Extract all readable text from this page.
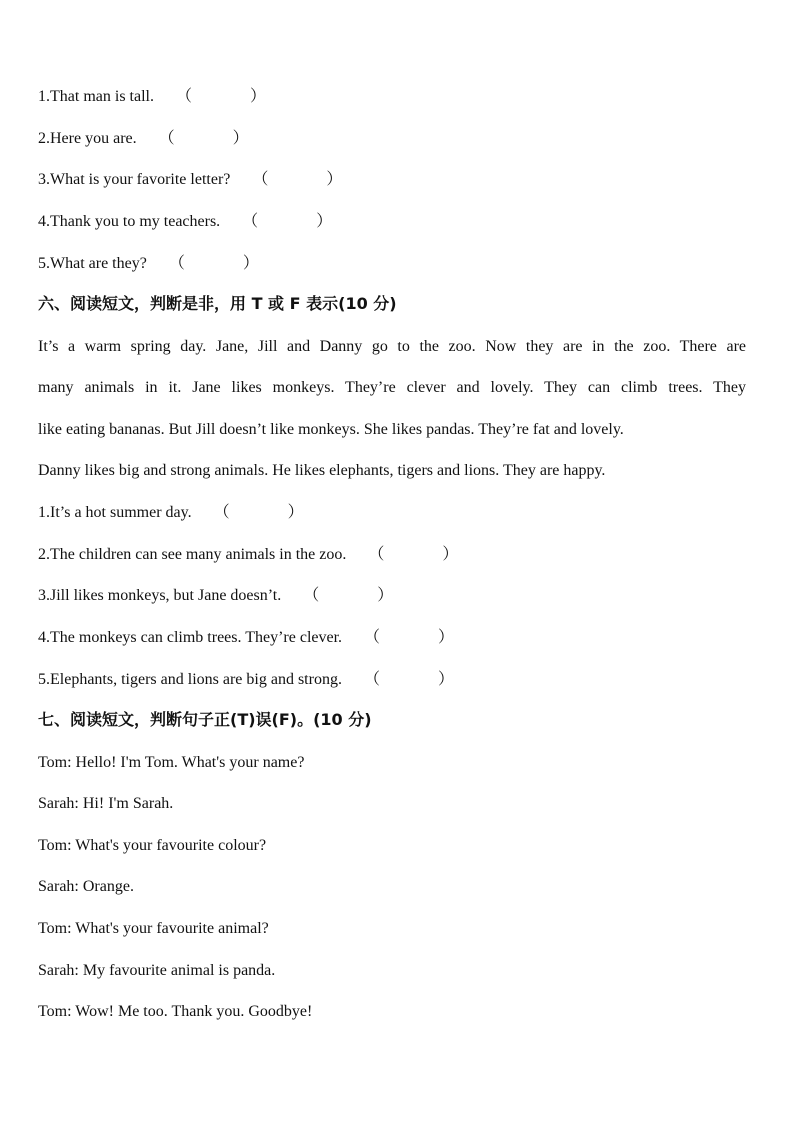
1.That man is tall. （	）
2.Here you are. （	）
3.What is your favorite letter? （	）
4.Thank you to my teachers. （	）
5.What are they? （	）
六、阅读短文，判断是非，用 T 或 F 表示(10 分)
It’s a warm spring day. Jane, Jill and Danny go to the zoo. Now they are in the zoo. There are
many animals in it. Jane likes monkeys. They’re clever and lovely. They can climb trees. They
like eating bananas. But Jill doesn’t like monkeys. She likes pandas. They’re fat and lovely.
Danny likes big and strong animals. He likes elephants, tigers and lions. They are happy.
1.It’s a hot summer day. （	）
2.The children can see many animals in the zoo. （	）
3.Jill likes monkeys, but Jane doesn’t. （	）
4.The monkeys can climb trees. They’re clever. （	）
5.Elephants, tigers and lions are big and strong. （	）
七、阅读短文，判断句子正(T)误(F)。(10 分)
Tom: Hello! I'm Tom. What's your name?
Sarah: Hi! I'm Sarah.
Tom: What's your favourite colour?
Sarah: Orange.
Tom: What's your favourite animal?
Sarah: My favourite animal is panda.
Tom: Wow! Me too. Thank you. Goodbye!
